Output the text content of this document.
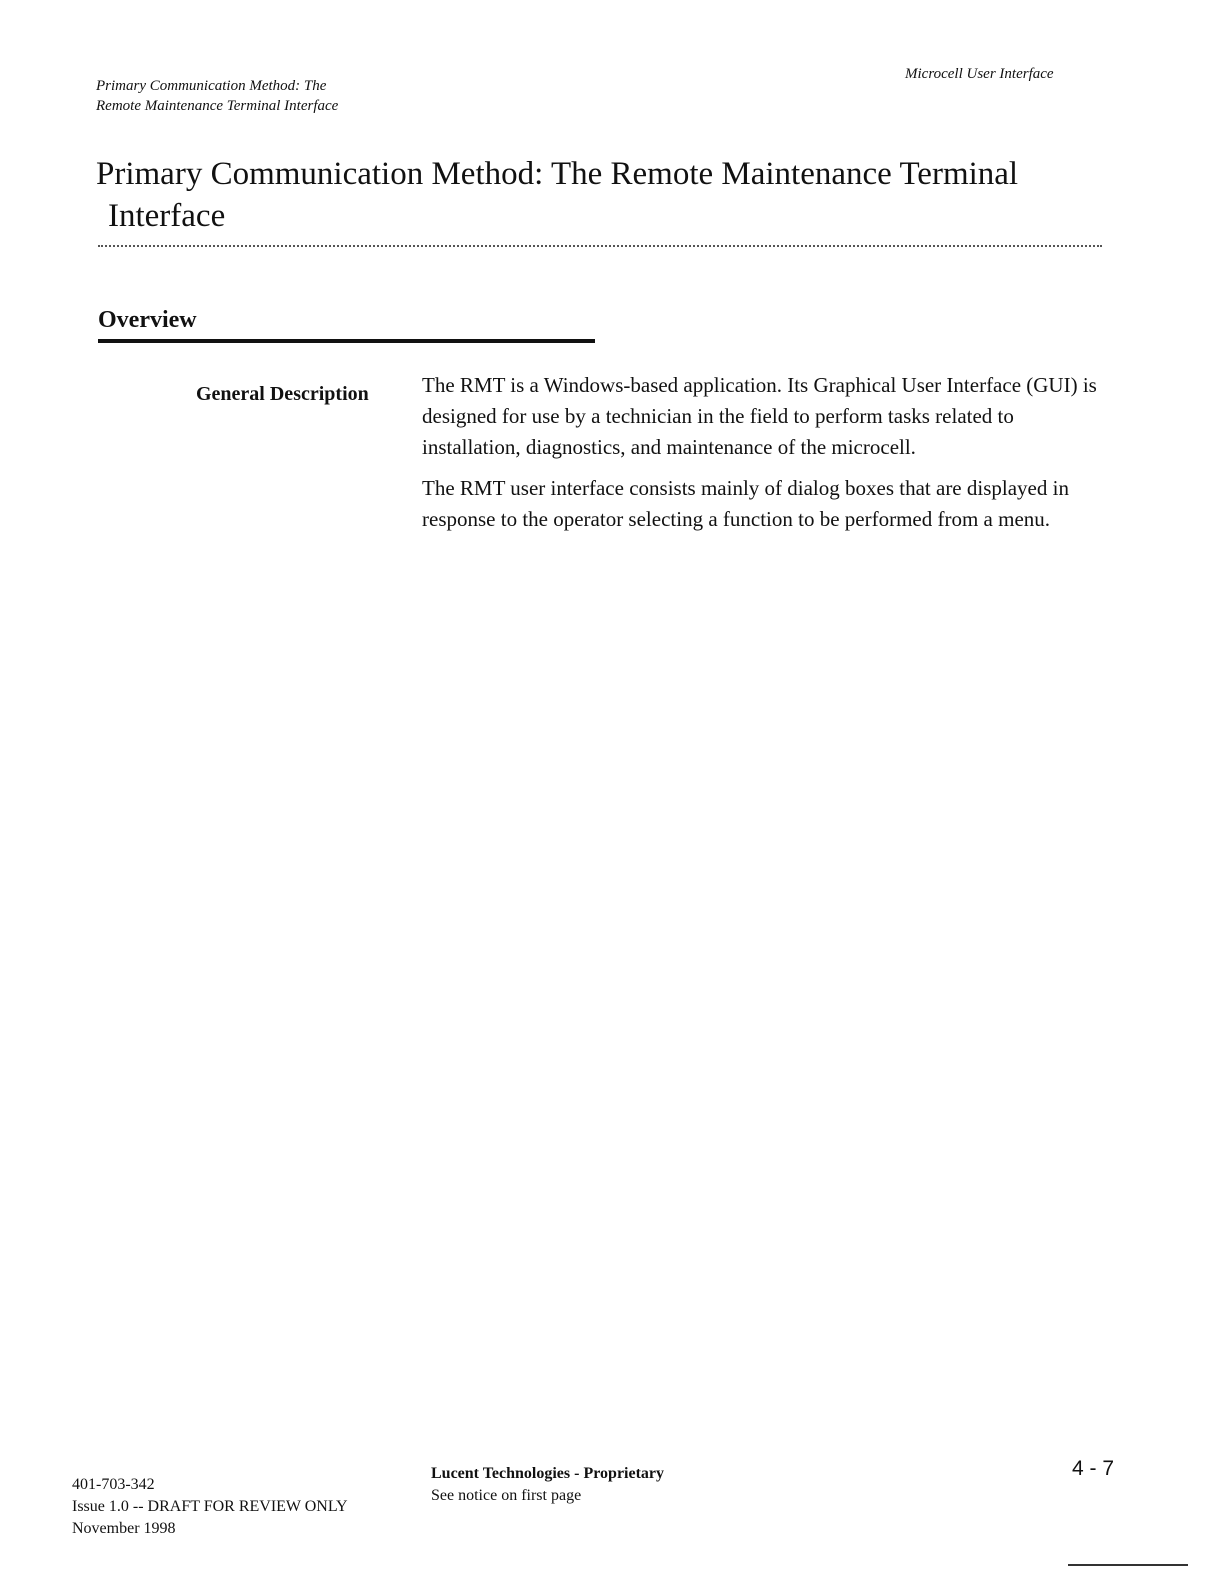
Primary Communication Method: The
Remote Maintenance Terminal Interface
Microcell User Interface
Primary Communication Method: The Remote Maintenance Terminal
Interface
Overview
General Description	The RMT is a Windows-based application. Its Graphical User Interface (GUI) is designed for use by a technician in the field to perform tasks related to installation, diagnostics, and maintenance of the microcell.

The RMT user interface consists mainly of dialog boxes that are displayed in response to the operator selecting a function to be performed from a menu.

401-703-342
Issue 1.0 -- DRAFT FOR REVIEW ONLY
November 1998
Lucent Technologies - Proprietary
See notice on first page
4 - 7
